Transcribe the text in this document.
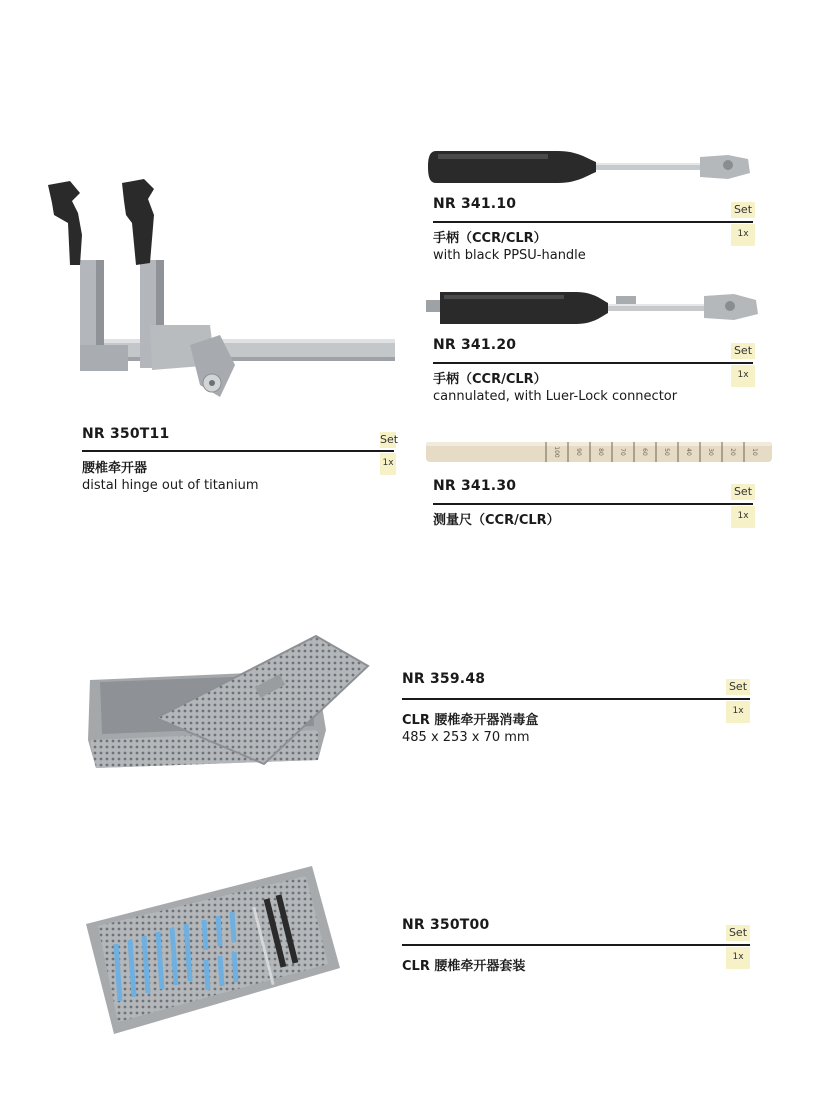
NR 350T11	Set
1x
腰椎牵开器
distal hinge out of titanium
NR 341.10	Set
1x
手柄（CCR/CLR）
with black PPSU-handle
NR 341.20	Set
1x
手柄（CCR/CLR）
cannulated, with Luer-Lock connector
100	90	80	70	60	50	40	30	20	10
NR 341.30	Set
1x
测量尺（CCR/CLR）
NR 359.48	Set
1x
CLR 腰椎牵开器消毒盒
485 x 253 x 70 mm
NR 350T00	Set
1x
CLR 腰椎牵开器套装
